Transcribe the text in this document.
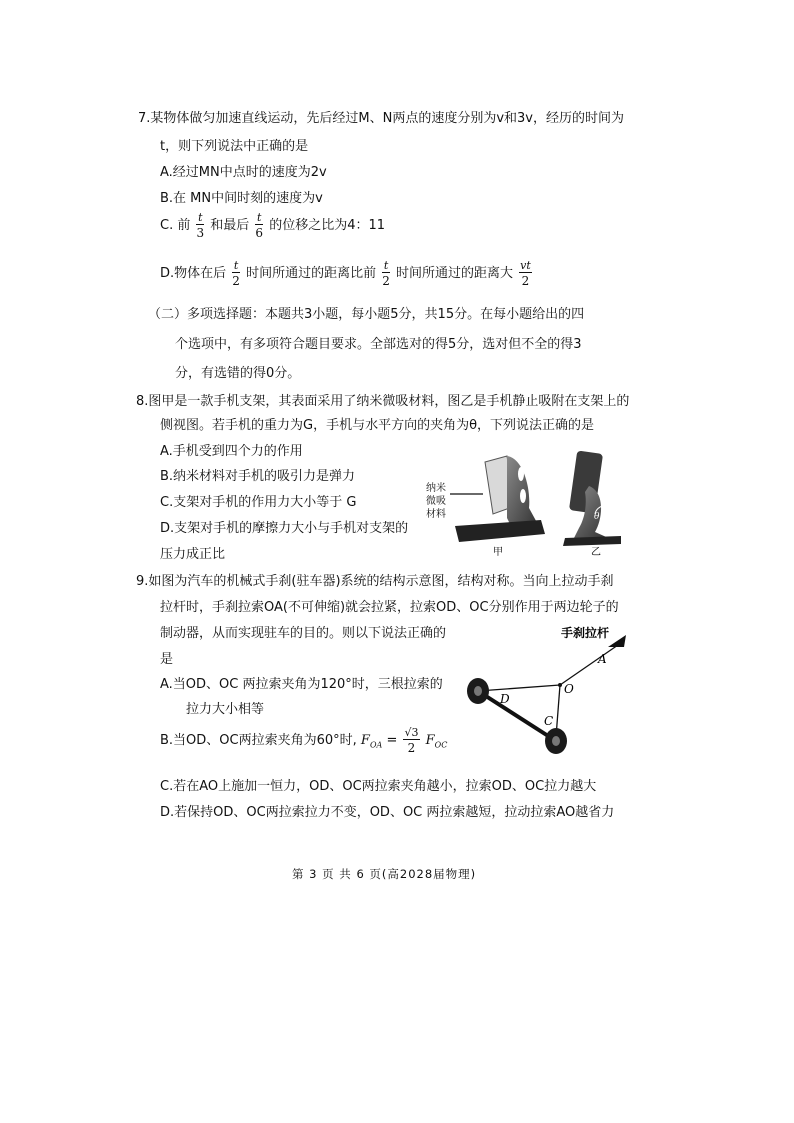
7.某物体做匀加速直线运动，先后经过M、N两点的速度分别为v和3v，经历的时间为
t，则下列说法中正确的是
A.经过MN中点时的速度为2v
B.在 MN中间时刻的速度为v
C. 前 $\frac{t}{3}$ 和最后 $\frac{t}{6}$ 的位移之比为4：11
D.物体在后 $\frac{t}{2}$ 时间所通过的距离比前 $\frac{t}{2}$ 时间所通过的距离大 $\frac{vt}{2}$
（二）多项选择题：本题共3小题，每小题5分，共15分。在每小题给出的四
个选项中，有多项符合题目要求。全部选对的得5分，选对但不全的得3
分，有选错的得0分。
8.图甲是一款手机支架，其表面采用了纳米微吸材料，图乙是手机静止吸附在支架上的
侧视图。若手机的重力为G，手机与水平方向的夹角为θ，下列说法正确的是
A.手机受到四个力的作用
B.纳米材料对手机的吸引力是弹力
C.支架对手机的作用力大小等于 G
D.支架对手机的摩擦力大小与手机对支架的
压力成正比
纳米
微吸
材料	θ
甲	乙
9.如图为汽车的机械式手刹(驻车器)系统的结构示意图，结构对称。当向上拉动手刹
拉杆时，手刹拉索OA(不可伸缩)就会拉紧，拉索OD、OC分别作用于两边轮子的
制动器，从而实现驻车的目的。则以下说法正确的
是
A.当OD、OC 两拉索夹角为120°时，三根拉索的
拉力大小相等
B.当OD、OC两拉索夹角为60°时, $F_{OA} = \frac{√3}{2} F_{OC}$
C.若在AO上施加一恒力，OD、OC两拉索夹角越小，拉索OD、OC拉力越大
D.若保持OD、OC两拉索拉力不变，OD、OC 两拉索越短，拉动拉索AO越省力
手刹拉杆
A
O
D
C
第 3 页 共 6 页(高2028届物理)
